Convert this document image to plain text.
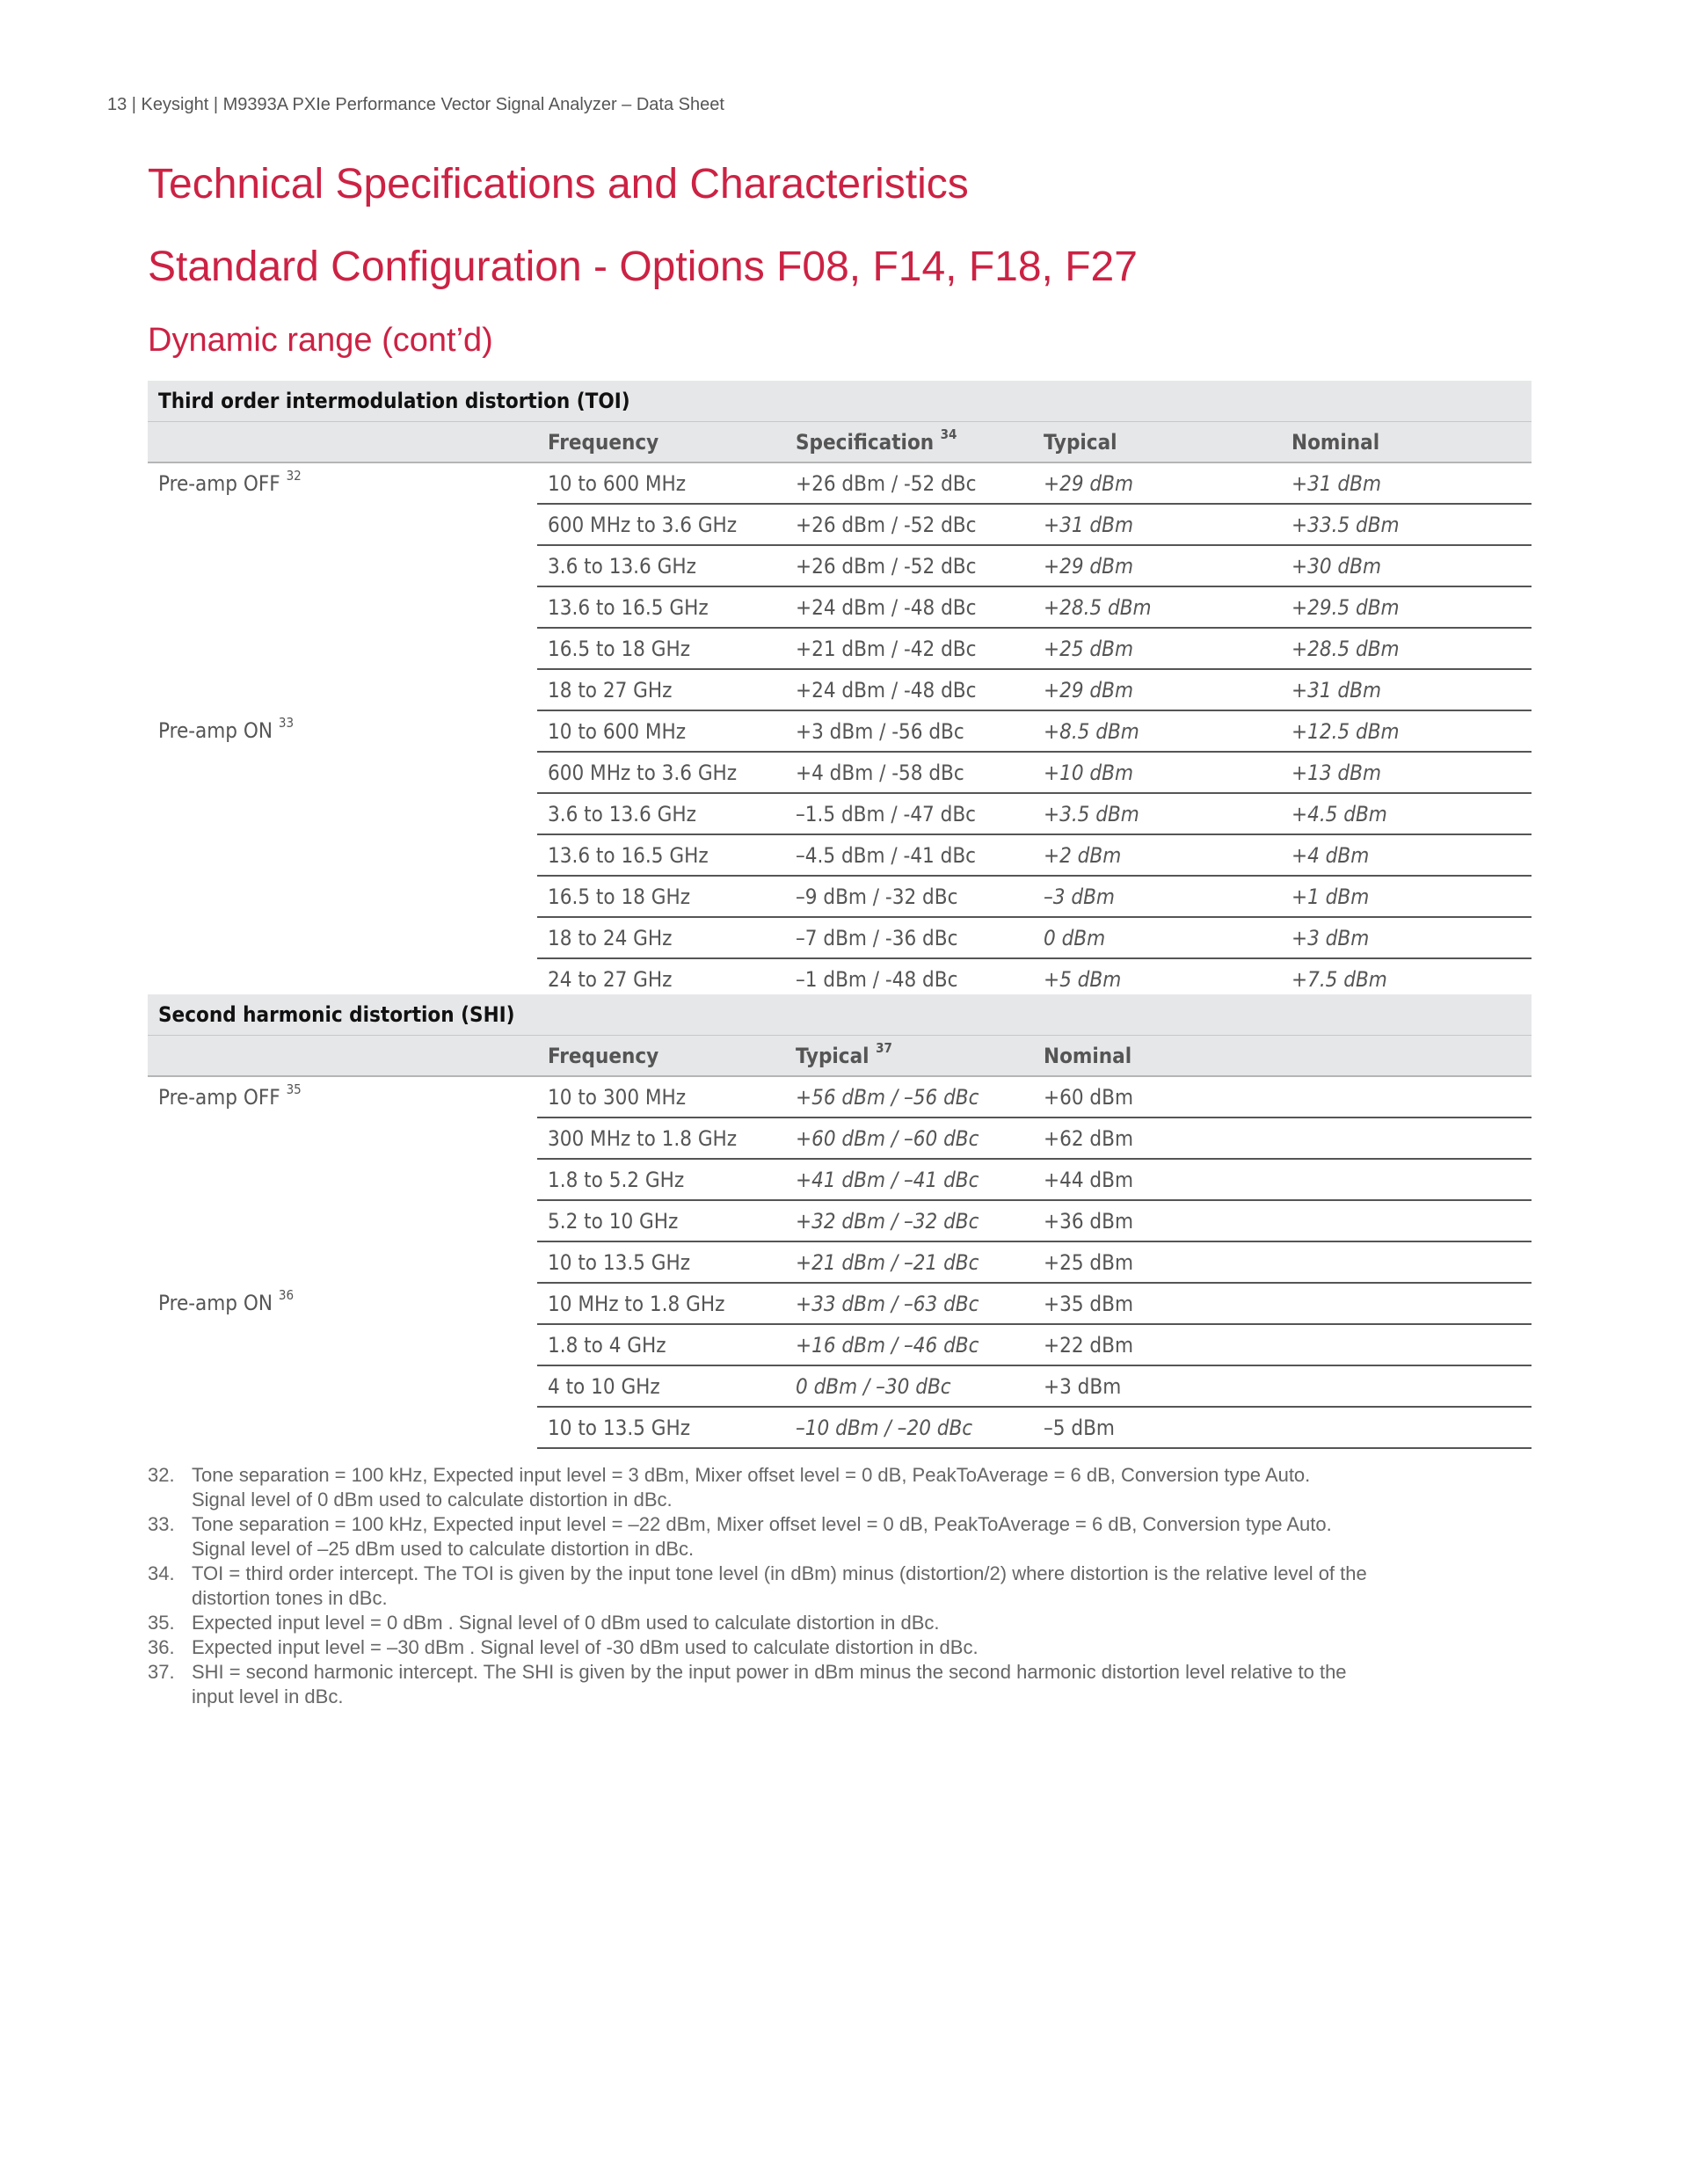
13 | Keysight | M9393A PXIe Performance Vector Signal Analyzer – Data Sheet
Technical Specifications and Characteristics
Standard Configuration - Options F08, F14, F18, F27
Dynamic range (cont’d)
Third order intermodulation distortion (TOI)				
	Frequency	Specification $^{34}$	Typical	Nominal
Pre-amp OFF $^{32}$	10 to 600 MHz	+26 dBm / -52 dBc	+29 dBm	+31 dBm
	600 MHz to 3.6 GHz	+26 dBm / -52 dBc	+31 dBm	+33.5 dBm
	3.6 to 13.6 GHz	+26 dBm / -52 dBc	+29 dBm	+30 dBm
	13.6 to 16.5 GHz	+24 dBm / -48 dBc	+28.5 dBm	+29.5 dBm
	16.5 to 18 GHz	+21 dBm / -42 dBc	+25 dBm	+28.5 dBm
	18 to 27 GHz	+24 dBm / -48 dBc	+29 dBm	+31 dBm
Pre-amp ON $^{33}$	10 to 600 MHz	+3 dBm / -56 dBc	+8.5 dBm	+12.5 dBm
	600 MHz to 3.6 GHz	+4 dBm / -58 dBc	+10 dBm	+13 dBm
	3.6 to 13.6 GHz	–1.5 dBm / -47 dBc	+3.5 dBm	+4.5 dBm
	13.6 to 16.5 GHz	–4.5 dBm / -41 dBc	+2 dBm	+4 dBm
	16.5 to 18 GHz	–9 dBm / -32 dBc	–3 dBm	+1 dBm
	18 to 24 GHz	–7 dBm / -36 dBc	0 dBm	+3 dBm
	24 to 27 GHz	–1 dBm / -48 dBc	+5 dBm	+7.5 dBm
Second harmonic distortion (SHI)				
	Frequency	Typical $^{37}$	Nominal	
Pre-amp OFF $^{35}$	10 to 300 MHz	+56 dBm / –56 dBc	+60 dBm	
	300 MHz to 1.8 GHz	+60 dBm / –60 dBc	+62 dBm	
	1.8 to 5.2 GHz	+41 dBm / –41 dBc	+44 dBm	
	5.2 to 10 GHz	+32 dBm / –32 dBc	+36 dBm	
	10 to 13.5 GHz	+21 dBm / –21 dBc	+25 dBm	
Pre-amp ON $^{36}$	10 MHz to 1.8 GHz	+33 dBm / –63 dBc	+35 dBm	
	1.8 to 4 GHz	+16 dBm / –46 dBc	+22 dBm	
	4 to 10 GHz	0 dBm / –30 dBc	+3 dBm	
	10 to 13.5 GHz	–10 dBm / –20 dBc	–5 dBm	
32. Tone separation = 100 kHz, Expected input level = 3 dBm, Mixer offset level = 0 dB, PeakToAverage = 6 dB, Conversion type Auto.
Signal level of 0 dBm used to calculate distortion in dBc.
33. Tone separation = 100 kHz, Expected input level = –22 dBm, Mixer offset level = 0 dB, PeakToAverage = 6 dB, Conversion type Auto.
Signal level of –25 dBm used to calculate distortion in dBc.
34. TOI = third order intercept. The TOI is given by the input tone level (in dBm) minus (distortion/2) where distortion is the relative level of the
distortion tones in dBc.
35. Expected input level = 0 dBm . Signal level of 0 dBm used to calculate distortion in dBc.
36. Expected input level = –30 dBm . Signal level of -30 dBm used to calculate distortion in dBc.
37. SHI = second harmonic intercept. The SHI is given by the input power in dBm minus the second harmonic distortion level relative to the
input level in dBc.
